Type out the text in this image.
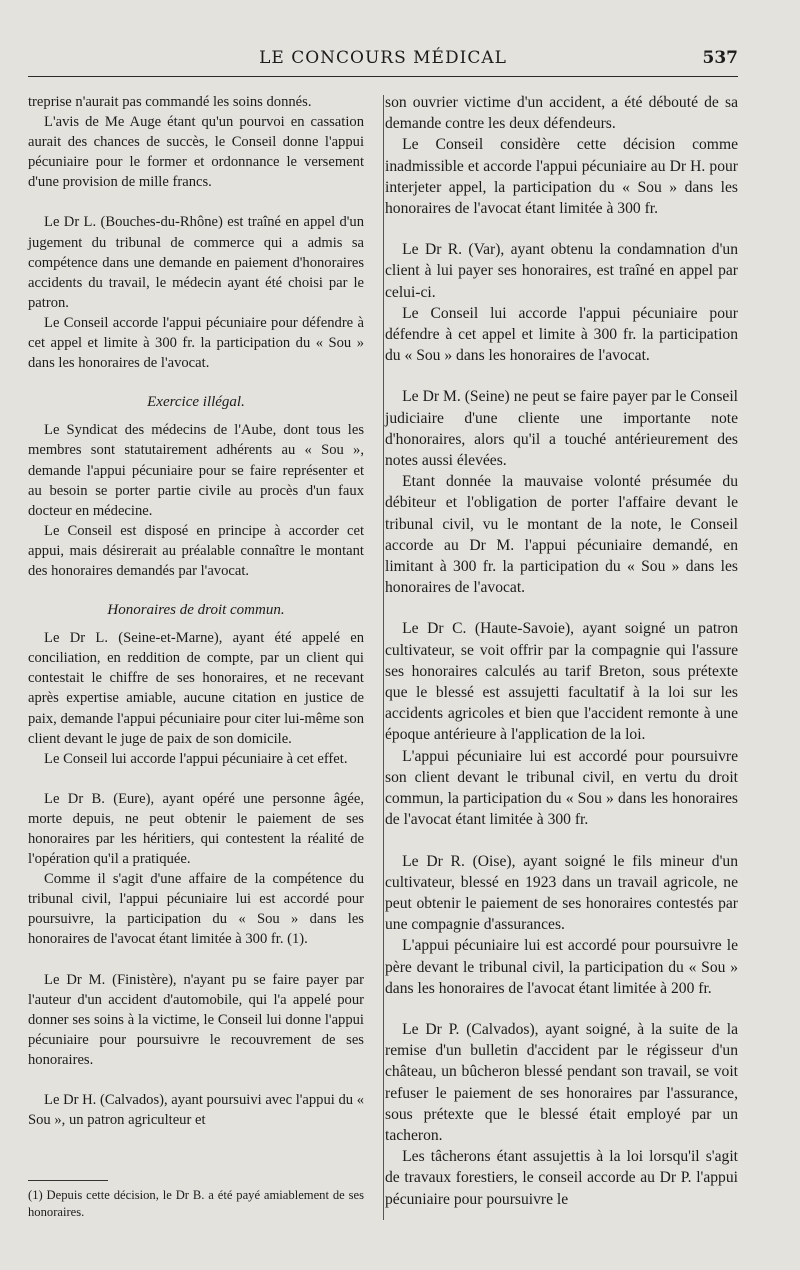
LE CONCOURS MÉDICAL	537

treprise n'aurait pas commandé les soins donnés.

L'avis de Me Auge étant qu'un pourvoi en cassation aurait des chances de succès, le Conseil donne l'appui pécuniaire pour le former et ordonnance le versement d'une provision de mille francs.

Le Dr L. (Bouches-du-Rhône) est traîné en appel d'un jugement du tribunal de commerce qui a admis sa compétence dans une demande en paiement d'honoraires accidents du travail, le médecin ayant été choisi par le patron.

Le Conseil accorde l'appui pécuniaire pour défendre à cet appel et limite à 300 fr. la participation du « Sou » dans les honoraires de l'avocat.

Exercice illégal.

Le Syndicat des médecins de l'Aube, dont tous les membres sont statutairement adhérents au « Sou », demande l'appui pécuniaire pour se faire représenter et au besoin se porter partie civile au procès d'un faux docteur en médecine.

Le Conseil est disposé en principe à accorder cet appui, mais désirerait au préalable connaître le montant des honoraires demandés par l'avocat.

Honoraires de droit commun.

Le Dr L. (Seine-et-Marne), ayant été appelé en conciliation, en reddition de compte, par un client qui contestait le chiffre de ses honoraires, et ne recevant après expertise amiable, aucune citation en justice de paix, demande l'appui pécuniaire pour citer lui-même son client devant le juge de paix de son domicile.

Le Conseil lui accorde l'appui pécuniaire à cet effet.

Le Dr B. (Eure), ayant opéré une personne âgée, morte depuis, ne peut obtenir le paiement de ses honoraires par les héritiers, qui contestent la réalité de l'opération qu'il a pratiquée.

Comme il s'agit d'une affaire de la compétence du tribunal civil, l'appui pécuniaire lui est accordé pour poursuivre, la participation du « Sou » dans les honoraires de l'avocat étant limitée à 300 fr. (1).

Le Dr M. (Finistère), n'ayant pu se faire payer par l'auteur d'un accident d'automobile, qui l'a appelé pour donner ses soins à la victime, le Conseil lui donne l'appui pécuniaire pour poursuivre le recouvrement de ses honoraires.

Le Dr H. (Calvados), ayant poursuivi avec l'appui du « Sou », un patron agriculteur et

son ouvrier victime d'un accident, a été débouté de sa demande contre les deux défendeurs.

Le Conseil considère cette décision comme inadmissible et accorde l'appui pécuniaire au Dr H. pour interjeter appel, la participation du « Sou » dans les honoraires de l'avocat étant limitée à 300 fr.

Le Dr R. (Var), ayant obtenu la condamnation d'un client à lui payer ses honoraires, est traîné en appel par celui-ci.

Le Conseil lui accorde l'appui pécuniaire pour défendre à cet appel et limite à 300 fr. la participation du « Sou » dans les honoraires de l'avocat.

Le Dr M. (Seine) ne peut se faire payer par le Conseil judiciaire d'une cliente une importante note d'honoraires, alors qu'il a touché antérieurement des notes aussi élevées.

Etant donnée la mauvaise volonté présumée du débiteur et l'obligation de porter l'affaire devant le tribunal civil, vu le montant de la note, le Conseil accorde au Dr M. l'appui pécuniaire demandé, en limitant à 300 fr. la participation du « Sou » dans les honoraires de l'avocat.

Le Dr C. (Haute-Savoie), ayant soigné un patron cultivateur, se voit offrir par la compagnie qui l'assure ses honoraires calculés au tarif Breton, sous prétexte que le blessé est assujetti facultatif à la loi sur les accidents agricoles et bien que l'accident remonte à une époque antérieure à l'application de la loi.

L'appui pécuniaire lui est accordé pour poursuivre son client devant le tribunal civil, en vertu du droit commun, la participation du « Sou » dans les honoraires de l'avocat étant limitée à 300 fr.

Le Dr R. (Oise), ayant soigné le fils mineur d'un cultivateur, blessé en 1923 dans un travail agricole, ne peut obtenir le paiement de ses honoraires contestés par une compagnie d'assurances.

L'appui pécuniaire lui est accordé pour poursuivre le père devant le tribunal civil, la participation du « Sou » dans les honoraires de l'avocat étant limitée à 200 fr.

Le Dr P. (Calvados), ayant soigné, à la suite de la remise d'un bulletin d'accident par le régisseur d'un château, un bûcheron blessé pendant son travail, se voit refuser le paiement de ses honoraires par l'assurance, sous prétexte que le blessé était employé par un tacheron.

Les tâcherons étant assujettis à la loi lorsqu'il s'agit de travaux forestiers, le conseil accorde au Dr P. l'appui pécuniaire pour poursuivre le

(1) Depuis cette décision, le Dr B. a été payé amiablement de ses honoraires.
